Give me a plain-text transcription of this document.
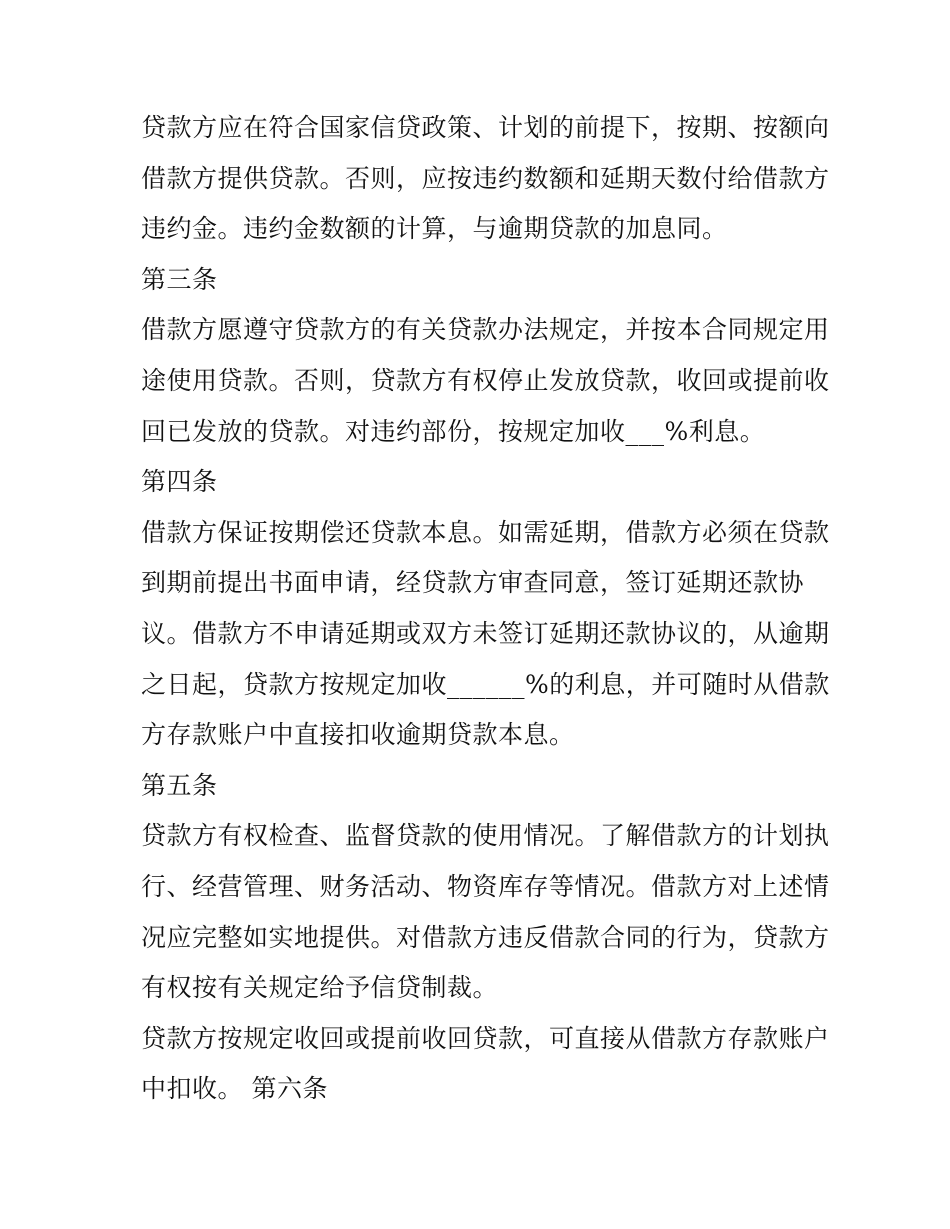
贷款方应在符合国家信贷政策、计划的前提下，按期、按额向
借款方提供贷款。否则，应按违约数额和延期天数付给借款方
违约金。违约金数额的计算，与逾期贷款的加息同。
第三条
借款方愿遵守贷款方的有关贷款办法规定，并按本合同规定用
途使用贷款。否则，贷款方有权停止发放贷款，收回或提前收
回已发放的贷款。对违约部份，按规定加收___%利息。
第四条
借款方保证按期偿还贷款本息。如需延期，借款方必须在贷款
到期前提出书面申请，经贷款方审查同意，签订延期还款协
议。借款方不申请延期或双方未签订延期还款协议的，从逾期
之日起，贷款方按规定加收______%的利息，并可随时从借款
方存款账户中直接扣收逾期贷款本息。
第五条
贷款方有权检查、监督贷款的使用情况。了解借款方的计划执
行、经营管理、财务活动、物资库存等情况。借款方对上述情
况应完整如实地提供。对借款方违反借款合同的行为，贷款方
有权按有关规定给予信贷制裁。
贷款方按规定收回或提前收回贷款，可直接从借款方存款账户
中扣收。 第六条
